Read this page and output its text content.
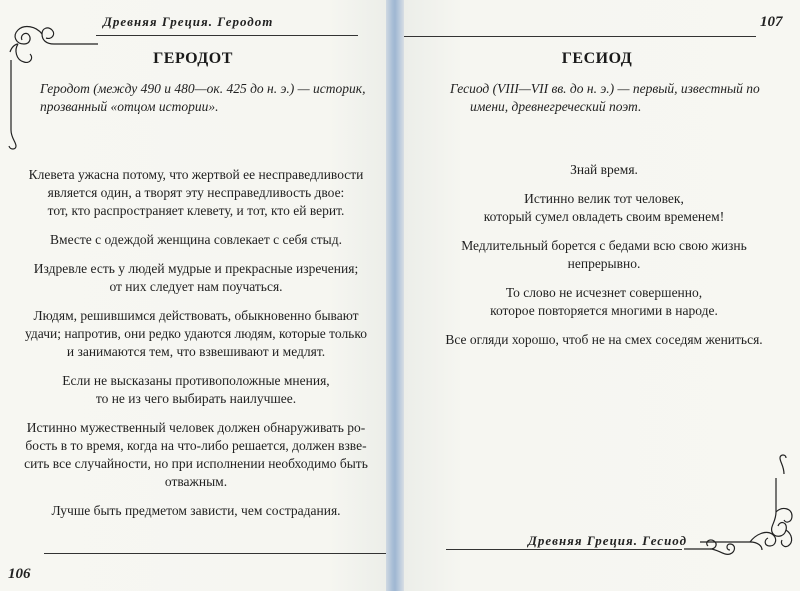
Древняя Греция. Геродот
ГЕРОДОТ
Геродот (между 490 и 480—ок. 425 до н. э.) — историк,
прозванный «отцом истории».
Клевета ужасна потому, что жертвой ее несправедливости
является один, а творят эту несправедливость двое:
тот, кто распространяет клевету, и тот, кто ей верит.
Вместе с одеждой женщина совлекает с себя стыд.
Издревле есть у людей мудрые и прекрасные изречения;
от них следует нам поучаться.
Людям, решившимся действовать, обыкновенно бывают
удачи; напротив, они редко удаются людям, которые только
и занимаются тем, что взвешивают и медлят.
Если не высказаны противоположные мнения,
то не из чего выбирать наилучшее.
Истинно мужественный человек должен обнаруживать ро-
бость в то время, когда на что-либо решается, должен взве-
сить все случайности, но при исполнении необходимо быть
отважным.
Лучше быть предметом зависти, чем сострадания.
106
107
ГЕСИОД
Гесиод (VIII—VII вв. до н. э.) — первый, известный по
имени, древнегреческий поэт.
Знай время.
Истинно велик тот человек,
который сумел овладеть своим временем!
Медлительный борется с бедами всю свою жизнь
непрерывно.
То слово не исчезнет совершенно,
которое повторяется многими в народе.
Все огляди хорошо, чтоб не на смех соседям жениться.
Древняя Греция. Гесиод
